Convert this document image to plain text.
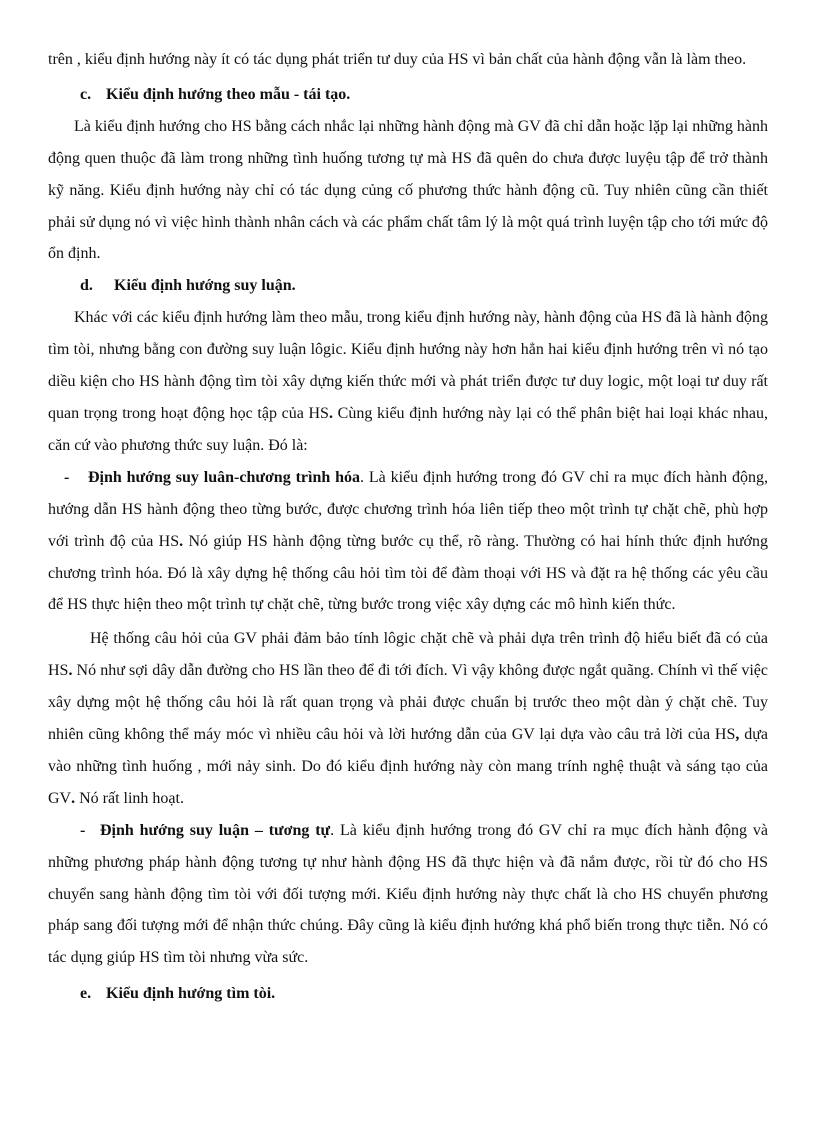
trên , kiểu định hướng này ít có tác dụng phát triển tư duy của HS vì bản chất của hành động vẫn là làm theo.

c. Kiểu định hướng theo mẫu - tái tạo.

Là kiểu định hướng cho HS bằng cách nhắc lại những hành động mà GV đã chỉ dẫn hoặc lặp lại những hành động quen thuộc đã làm trong những tình huống tương tự mà HS đã quên do chưa được luyệu tập để trở thành kỹ năng. Kiểu định hướng này chỉ có tác dụng củng cố phương thức hành động cũ. Tuy nhiên cũng cần thiết phải sử dụng nó vì việc hình thành nhân cách và các phẩm chất tâm lý là một quá trình luyện tập cho tới mức độ ổn định.

d. Kiểu định hướng suy luận.

Khác với các kiểu định hướng làm theo mẫu, trong kiểu định hướng này, hành động của HS đã là hành động tìm tòi, nhưng bằng con đường suy luận lôgic. Kiểu định hướng này hơn hẳn hai kiểu định hướng trên vì nó tạo diều kiện cho HS hành động tìm tòi xây dựng kiến thức mới và phát triển được tư duy logic, một loại tư duy rất quan trọng trong hoạt động học tập của HS. Cùng kiểu định hướng này lại có thể phân biệt hai loại khác nhau, căn cứ vào phương thức suy luận. Đó là:

- Định hướng suy luân-chương trình hóa. Là kiểu định hướng trong đó GV chỉ ra mục đích hành động, hướng dẫn HS hành động theo từng bước, được chương trình hóa liên tiếp theo một trình tự chặt chẽ, phù hợp với trình độ của HS. Nó giúp HS hành động từng bước cụ thể, rõ ràng. Thường có hai hính thức định hướng chương trình hóa. Đó là xây dựng hệ thống câu hỏi tìm tòi để đàm thoại với HS và đặt ra hệ thống các yêu cầu để HS thực hiện theo một trình tự chặt chẽ, từng bước trong việc xây dựng các mô hình kiến thức.

Hệ thống câu hỏi của GV phải đảm bảo tính lôgic chặt chẽ và phải dựa trên trình độ hiểu biết đã có của HS. Nó như sợi dây dẫn đường cho HS lần theo để đi tới đích. Vì vậy không được ngắt quãng. Chính vì thế việc xây dựng một hệ thống câu hỏi là rất quan trọng và phải được chuẩn bị trước theo một dàn ý chặt chẽ. Tuy nhiên cũng không thể máy móc vì nhiều câu hỏi và lời hướng dẫn của GV lại dựa vào câu trả lời của HS, dựa vào những tình huống , mới nảy sinh. Do đó kiểu định hướng này còn mang trính nghệ thuật và sáng tạo của GV. Nó rất linh hoạt.

- Định hướng suy luận – tương tự. Là kiểu định hướng trong đó GV chỉ ra mục đích hành động và những phương pháp hành động tương tự như hành động HS đã thực hiện và đã nắm được, rồi từ đó cho HS chuyển sang hành động tìm tòi với đối tượng mới. Kiểu định hướng này thực chất là cho HS chuyển phương pháp sang đối tượng mới để nhận thức chúng. Đây cũng là kiểu định hướng khá phổ biến trong thực tiễn. Nó có tác dụng giúp HS tìm tòi nhưng vừa sức.

e. Kiểu định hướng tìm tòi.
